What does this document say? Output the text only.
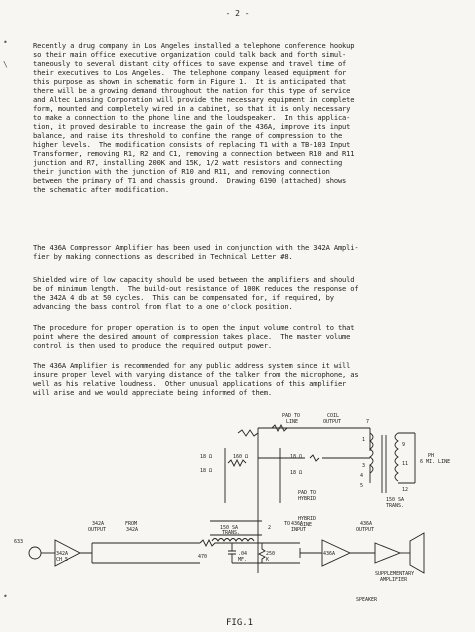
- 2 -
•
\
•
Recently a drug company in Los Angeles installed a telephone conference hookup
so their main office executive organization could talk back and forth simul-
taneously to several distant city offices to save expense and travel time of
their executives to Los Angeles.  The telephone company leased equipment for
this purpose as shown in schematic form in Figure 1.  It is anticipated that
there will be a growing demand throughout the nation for this type of service
and Altec Lansing Corporation will provide the necessary equipment in complete
form, mounted and completely wired in a cabinet, so that it is only necessary
to make a connection to the phone line and the loudspeaker.  In this applica-
tion, it proved desirable to increase the gain of the 436A, improve its input
balance, and raise its threshold to confine the range of compression to the
higher levels.  The modification consists of replacing T1 with a TB-103 Input
Transformer, removing R1, R2 and C1, removing a connection between R10 and R11
junction and R7, installing 200K and 15K, 1/2 watt resistors and connecting
their junction with the junction of R10 and R11, and removing connection
between the primary of T1 and chassis ground.  Drawing 6190 (attached) shows
the schematic after modification.
The 436A Compressor Amplifier has been used in conjunction with the 342A Ampli-
fier by making connections as described in Technical Letter #8.
Shielded wire of low capacity should be used between the amplifiers and should
be of minimum length.  The build-out resistance of 100K reduces the response of
the 342A 4 db at 50 cycles.  This can be compensated for, if required, by
advancing the bass control from flat to a one o'clock position.
The procedure for proper operation is to open the input volume control to that
point where the desired amount of compression takes place.  The master volume
control is then used to produce the required output power.
The 436A Amplifier is recommended for any public address system since it will
insure proper level with varying distance of the talker from the microphone, as
well as his relative loudness.  Other unusual applications of this amplifier
will arise and we would appreciate being informed of them.
PAD TO
LINE
COIL
OUTPUT	7
1
3
4
5
9
11
12
PH
6 MI. LINE
150 SA
TRANS.
18 Ω	160 Ω	18 Ω
18 Ω	18 Ω
PAD TO
HYBRID
HYBRID
LINE
150 SA
TRANS.
2
633
342A
CH 5
342A
OUTPUT
FROM
342A
470	.04
MF.
250
K
TO 436A
INPUT
436A
436A
OUTPUT
SUPPLEMENTARY
AMPLIFIER
SPEAKER
FIG.1
